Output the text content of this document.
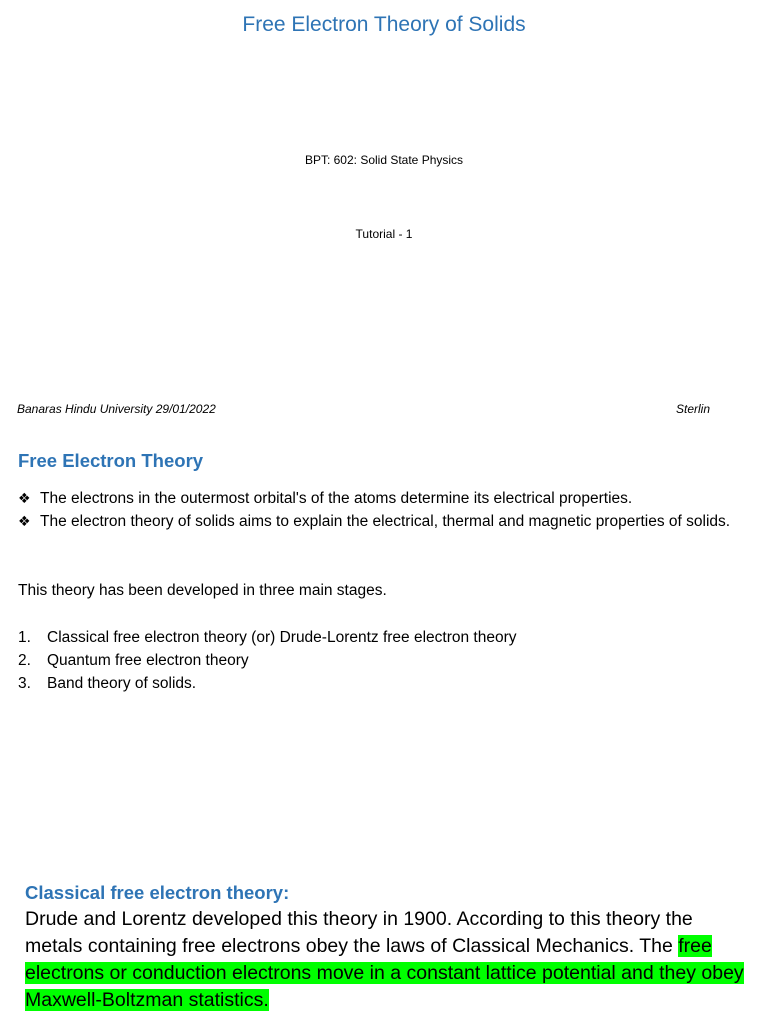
Free Electron Theory of Solids
BPT: 602: Solid State Physics
Tutorial - 1
Banaras Hindu University 29/01/2022	Sterlin
Free Electron Theory
❖ The electrons in the outermost orbital's of the atoms determine its electrical properties.
❖ The electron theory of solids aims to explain the electrical, thermal and magnetic properties of solids.
This theory has been developed in three main stages.
1. Classical free electron theory (or) Drude-Lorentz free electron theory
2. Quantum free electron theory
3. Band theory of solids.
Classical free electron theory:
Drude and Lorentz developed this theory in 1900. According to this theory the metals containing free electrons obey the laws of Classical Mechanics. The free electrons or conduction electrons move in a constant lattice potential and they obey Maxwell-Boltzman statistics.
